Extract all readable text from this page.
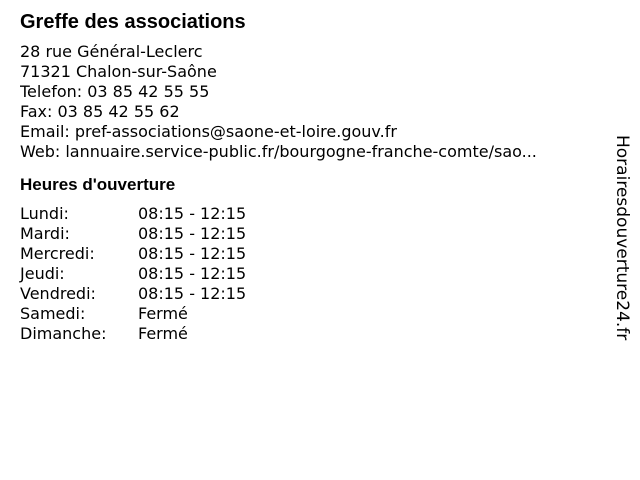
Greffe des associations
28 rue Général-Leclerc
71321 Chalon-sur-Saône
Telefon: 03 85 42 55 55
Fax: 03 85 42 55 62
Email: pref-associations@saone-et-loire.gouv.fr
Web: lannuaire.service-public.fr/bourgogne-franche-comte/sao...
Heures d'ouverture
Lundi:	08:15 - 12:15
Mardi:	08:15 - 12:15
Mercredi:	08:15 - 12:15
Jeudi:	08:15 - 12:15
Vendredi:	08:15 - 12:15
Samedi:	Fermé
Dimanche:	Fermé	Horairesdouverture24.fr
